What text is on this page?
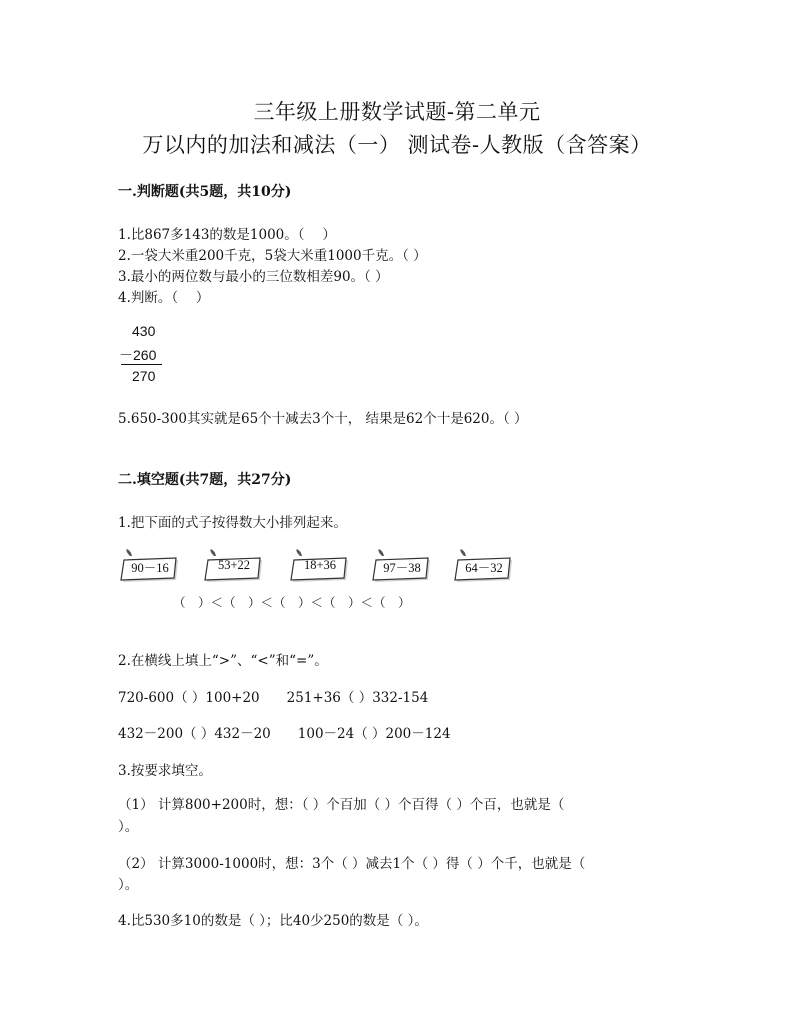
三年级上册数学试题-第二单元
万以内的加法和减法（一） 测试卷-人教版（含答案）
一.判断题(共5题，共10分)
1.比867多143的数是1000。（　 ）
2.一袋大米重200千克，5袋大米重1000千克。（ ）
3.最小的两位数与最小的三位数相差90。（ ）
4.判断。（　 ）
430
－260
270
5.650-300其实就是65个十减去3个十， 结果是62个十是620。（ ）
二.填空题(共7题，共27分)
1.把下面的式子按得数大小排列起来。
90－16	53+22	18+36	97－38	64－32
（　）＜（　）＜（　）＜（　）＜（　）
2.在横线上填上“>”、“<”和“=”。
720-600（ ）100+20　　251+36（ ）332-154
432－200（ ）432－20　　100－24（ ）200－124
3.按要求填空。
（1） 计算800+200时，想：（ ）个百加（ ）个百得（ ）个百，也就是（
）。
（2） 计算3000-1000时，想：3个（ ）减去1个（ ）得（ ）个千，也就是（
）。
4.比530多10的数是（ ）；比40少250的数是（ ）。
